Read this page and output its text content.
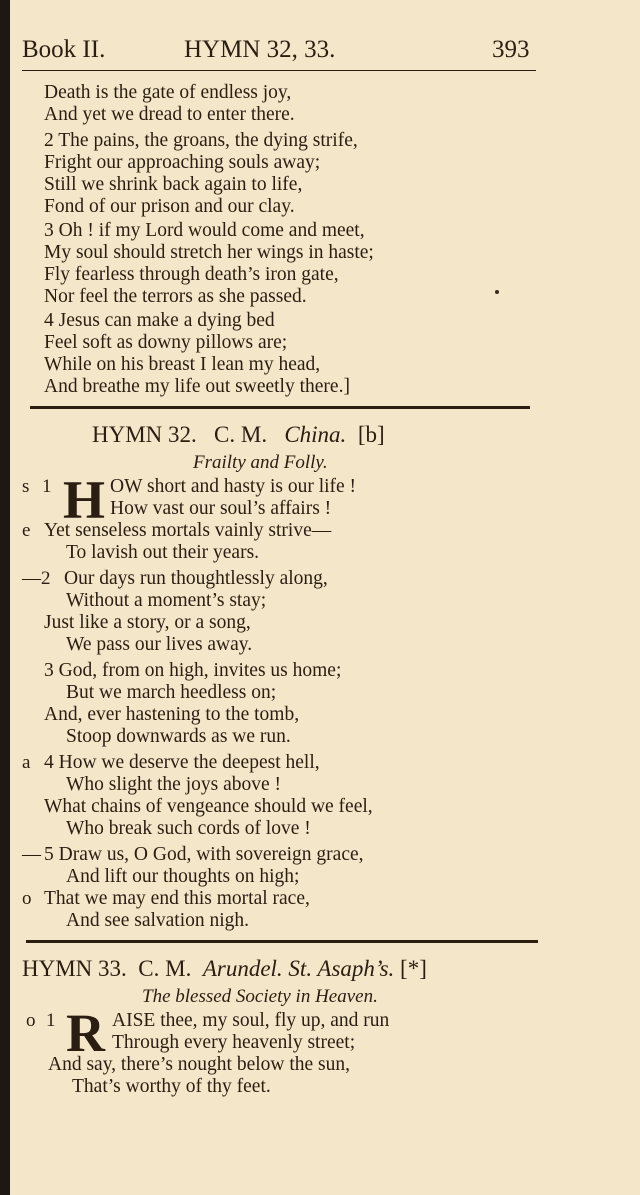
Book II.	HYMN 32, 33.	393
Death is the gate of endless joy,
And yet we dread to enter there.
2 The pains, the groans, the dying strife,
Fright our approaching souls away;
Still we shrink back again to life,
Fond of our prison and our clay.
3 Oh ! if my Lord would come and meet,
My soul should stretch her wings in haste;
Fly fearless through death’s iron gate,
Nor feel the terrors as she passed.
4 Jesus can make a dying bed
Feel soft as downy pillows are;
While on his breast I lean my head,
And breathe my life out sweetly there.]
HYMN 32. C. M. China. [b]
Frailty and Folly.
s 1 H OW short and hasty is our life !
How vast our soul’s affairs !
e Yet senseless mortals vainly strive—
To lavish out their years.
—2 Our days run thoughtlessly along,
Without a moment’s stay;
Just like a story, or a song,
We pass our lives away.
3 God, from on high, invites us home;
But we march heedless on;
And, ever hastening to the tomb,
Stoop downwards as we run.
a 4 How we deserve the deepest hell,
Who slight the joys above !
What chains of vengeance should we feel,
Who break such cords of love !
— 5 Draw us, O God, with sovereign grace,
And lift our thoughts on high;
o That we may end this mortal race,
And see salvation nigh.
HYMN 33. C. M. Arundel. St. Asaph’s. [*]
The blessed Society in Heaven.
o 1 R AISE thee, my soul, fly up, and run
Through every heavenly street;
And say, there’s nought below the sun,
That’s worthy of thy feet.
